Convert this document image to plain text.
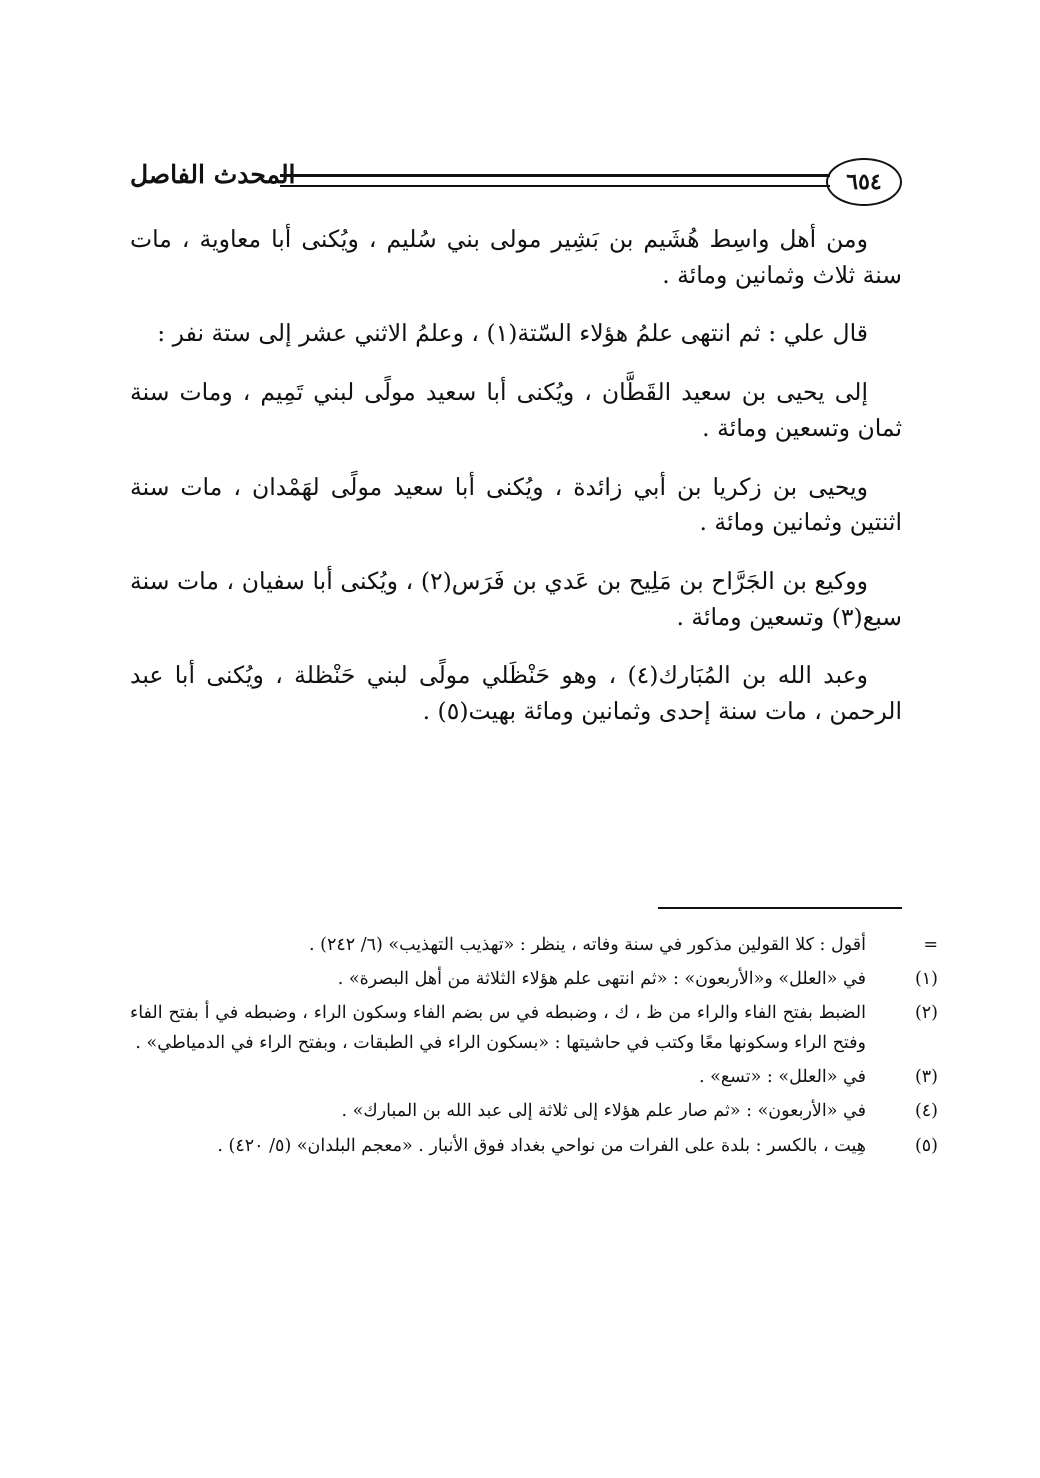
٦٥٤
المحدث الفاصل

ومن أهل واسِط هُشَيم بن بَشِير مولى بني سُليم ، ويُكنى أبا معاوية ، مات سنة ثلاث وثمانين ومائة .

قال علي : ثم انتهى علمُ هؤلاء السّتة(١) ، وعلمُ الاثني عشر إلى ستة نفر :

إلى يحيى بن سعيد القَطَّان ، ويُكنى أبا سعيد مولًى لبني تَمِيم ، ومات سنة ثمان وتسعين ومائة .

ويحيى بن زكريا بن أبي زائدة ، ويُكنى أبا سعيد مولًى لهَمْدان ، مات سنة اثنتين وثمانين ومائة .

ووكيع بن الجَرَّاح بن مَلِيح بن عَدي بن فَرَس(٢) ، ويُكنى أبا سفيان ، مات سنة سبع(٣) وتسعين ومائة .

وعبد الله بن المُبَارك(٤) ، وهو حَنْظَلي مولًى لبني حَنْظلة ، ويُكنى أبا عبد الرحمن ، مات سنة إحدى وثمانين ومائة بهيت(٥) .

=أقول : كلا القولين مذكور في سنة وفاته ، ينظر : «تهذيب التهذيب» (٦/ ٢٤٢) .
(١)في «العلل» و«الأربعون» : «ثم انتهى علم هؤلاء الثلاثة من أهل البصرة» .
(٢)الضبط بفتح الفاء والراء من ظ ، ك ، وضبطه في س بضم الفاء وسكون الراء ، وضبطه في أ بفتح الفاء وفتح الراء وسكونها معًا وكتب في حاشيتها : «بسكون الراء في الطبقات ، وبفتح الراء في الدمياطي» .
(٣)في «العلل» : «تسع» .
(٤)في «الأربعون» : «ثم صار علم هؤلاء إلى ثلاثة إلى عبد الله بن المبارك» .
(٥)هِيت ، بالكسر : بلدة على الفرات من نواحي بغداد فوق الأنبار . «معجم البلدان» (٥/ ٤٢٠) .
